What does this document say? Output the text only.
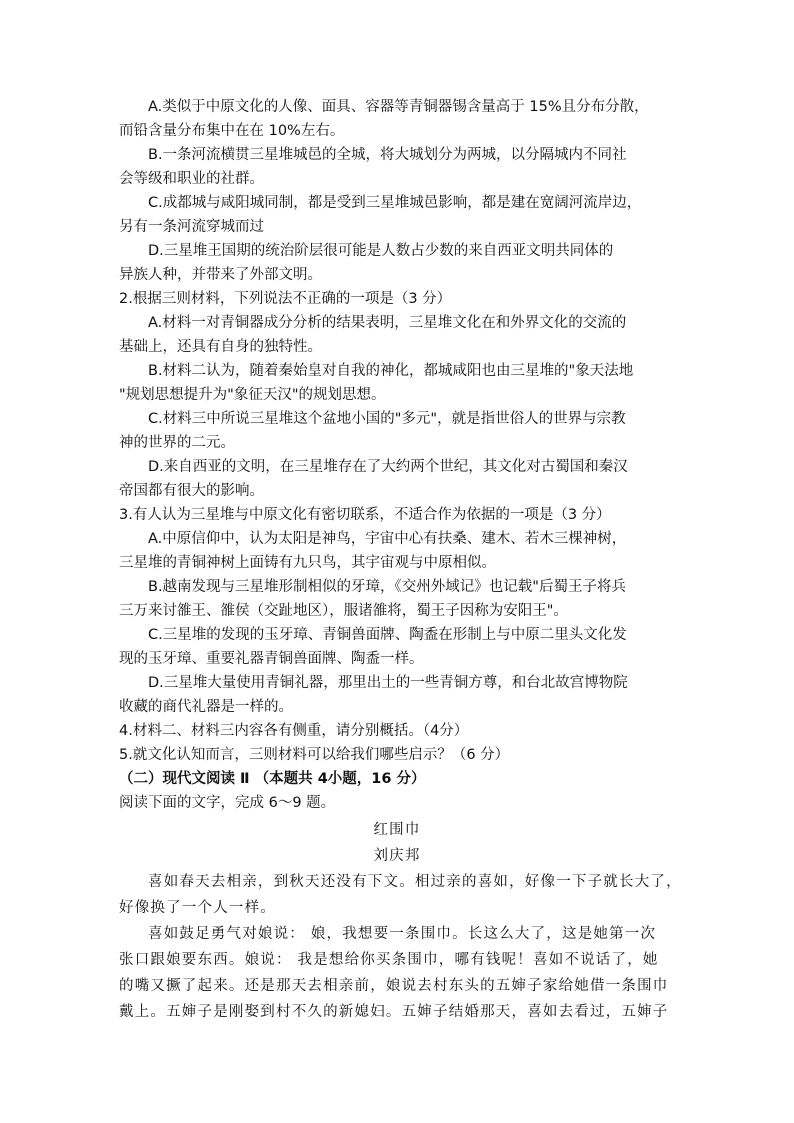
A.类似于中原文化的人像、面具、容器等青铜器锡含量高于 15%且分布分散，
而铅含量分布集中在在 10%左右。
B.一条河流横贯三星堆城邑的全城，将大城划分为两城，以分隔城内不同社
会等级和职业的社群。
C.成都城与咸阳城同制，都是受到三星堆城邑影响，都是建在宽阔河流岸边，
另有一条河流穿城而过
D.三星堆王国期的统治阶层很可能是人数占少数的来自西亚文明共同体的
异族人种，并带来了外部文明。
2.根据三则材料，下列说法不正确的一项是（3 分）
A.材料一对青铜器成分分析的结果表明，三星堆文化在和外界文化的交流的
基础上，还具有自身的独特性。
B.材料二认为，随着秦始皇对自我的神化，都城咸阳也由三星堆的"象天法地
"规划思想提升为"象征天汉"的规划思想。
C.材料三中所说三星堆这个盆地小国的"多元"，就是指世俗人的世界与宗教
神的世界的二元。
D.来自西亚的文明，在三星堆存在了大约两个世纪，其文化对古蜀国和秦汉
帝国都有很大的影响。
3.有人认为三星堆与中原文化有密切联系，不适合作为依据的一项是（3 分）
A.中原信仰中，认为太阳是神鸟，宇宙中心有扶桑、建木、若木三棵神树，
三星堆的青铜神树上面铸有九只鸟，其宇宙观与中原相似。
B.越南发现与三星堆形制相似的牙璋，《交州外域记》也记载"后蜀王子将兵
三万来讨雒王、雒侯（交趾地区），服诸雒将，蜀王子因称为安阳王"。
C.三星堆的发现的玉牙璋、青铜兽面牌、陶盉在形制上与中原二里头文化发
现的玉牙璋、重要礼器青铜兽面牌、陶盉一样。
D.三星堆大量使用青铜礼器，那里出土的一些青铜方尊，和台北故宫博物院
收藏的商代礼器是一样的。
4.材料二、材料三内容各有侧重，请分别概括。（4分）
5.就文化认知而言，三则材料可以给我们哪些启示？（6 分）
（二）现代文阅读 Ⅱ （本题共 4小题，16 分）
阅读下面的文字，完成 6～9 题。
红围巾
刘庆邦
喜如春天去相亲，到秋天还没有下文。相过亲的喜如，好像一下子就长大了，
好像换了一个人一样。
喜如鼓足勇气对娘说： 娘，我想要一条围巾。长这么大了，这是她第一次
张口跟娘要东西。娘说： 我是想给你买条围巾，哪有钱呢！喜如不说话了，她
的嘴又撅了起来。还是那天去相亲前，娘说去村东头的五婶子家给她借一条围巾
戴上。五婶子是刚娶到村不久的新媳妇。五婶子结婚那天，喜如去看过，五婶子
